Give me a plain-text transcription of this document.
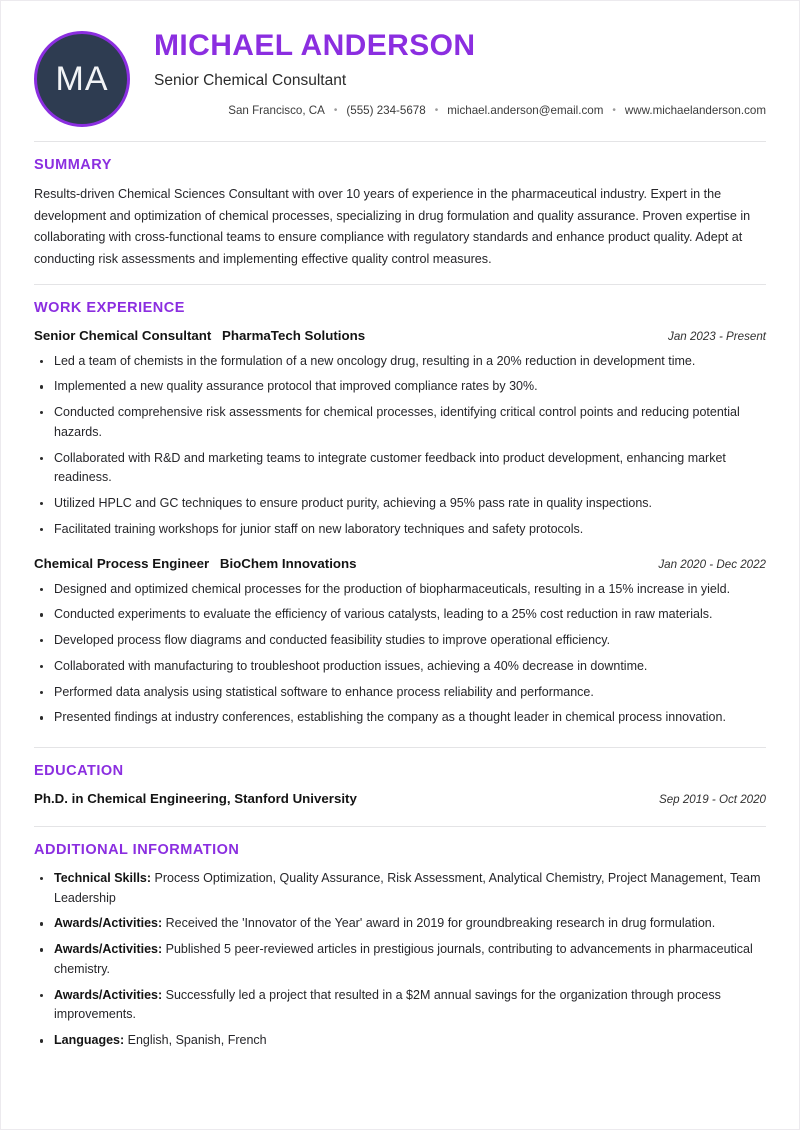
MA
MICHAEL ANDERSON
Senior Chemical Consultant
San Francisco, CA • (555) 234-5678 • michael.anderson@email.com • www.michaelanderson.com
SUMMARY
Results-driven Chemical Sciences Consultant with over 10 years of experience in the pharmaceutical industry. Expert in the development and optimization of chemical processes, specializing in drug formulation and quality assurance. Proven expertise in collaborating with cross-functional teams to ensure compliance with regulatory standards and enhance product quality. Adept at conducting risk assessments and implementing effective quality control measures.
WORK EXPERIENCE
Senior Chemical Consultant PharmaTech Solutions	Jan 2023 - Present
Led a team of chemists in the formulation of a new oncology drug, resulting in a 20% reduction in development time.
Implemented a new quality assurance protocol that improved compliance rates by 30%.
Conducted comprehensive risk assessments for chemical processes, identifying critical control points and reducing potential hazards.
Collaborated with R&D and marketing teams to integrate customer feedback into product development, enhancing market readiness.
Utilized HPLC and GC techniques to ensure product purity, achieving a 95% pass rate in quality inspections.
Facilitated training workshops for junior staff on new laboratory techniques and safety protocols.
Chemical Process Engineer BioChem Innovations	Jan 2020 - Dec 2022
Designed and optimized chemical processes for the production of biopharmaceuticals, resulting in a 15% increase in yield.
Conducted experiments to evaluate the efficiency of various catalysts, leading to a 25% cost reduction in raw materials.
Developed process flow diagrams and conducted feasibility studies to improve operational efficiency.
Collaborated with manufacturing to troubleshoot production issues, achieving a 40% decrease in downtime.
Performed data analysis using statistical software to enhance process reliability and performance.
Presented findings at industry conferences, establishing the company as a thought leader in chemical process innovation.
EDUCATION
Ph.D. in Chemical Engineering, Stanford University	Sep 2019 - Oct 2020
ADDITIONAL INFORMATION
Technical Skills: Process Optimization, Quality Assurance, Risk Assessment, Analytical Chemistry, Project Management, Team Leadership
Awards/Activities: Received the 'Innovator of the Year' award in 2019 for groundbreaking research in drug formulation.
Awards/Activities: Published 5 peer-reviewed articles in prestigious journals, contributing to advancements in pharmaceutical chemistry.
Awards/Activities: Successfully led a project that resulted in a $2M annual savings for the organization through process improvements.
Languages: English, Spanish, French
